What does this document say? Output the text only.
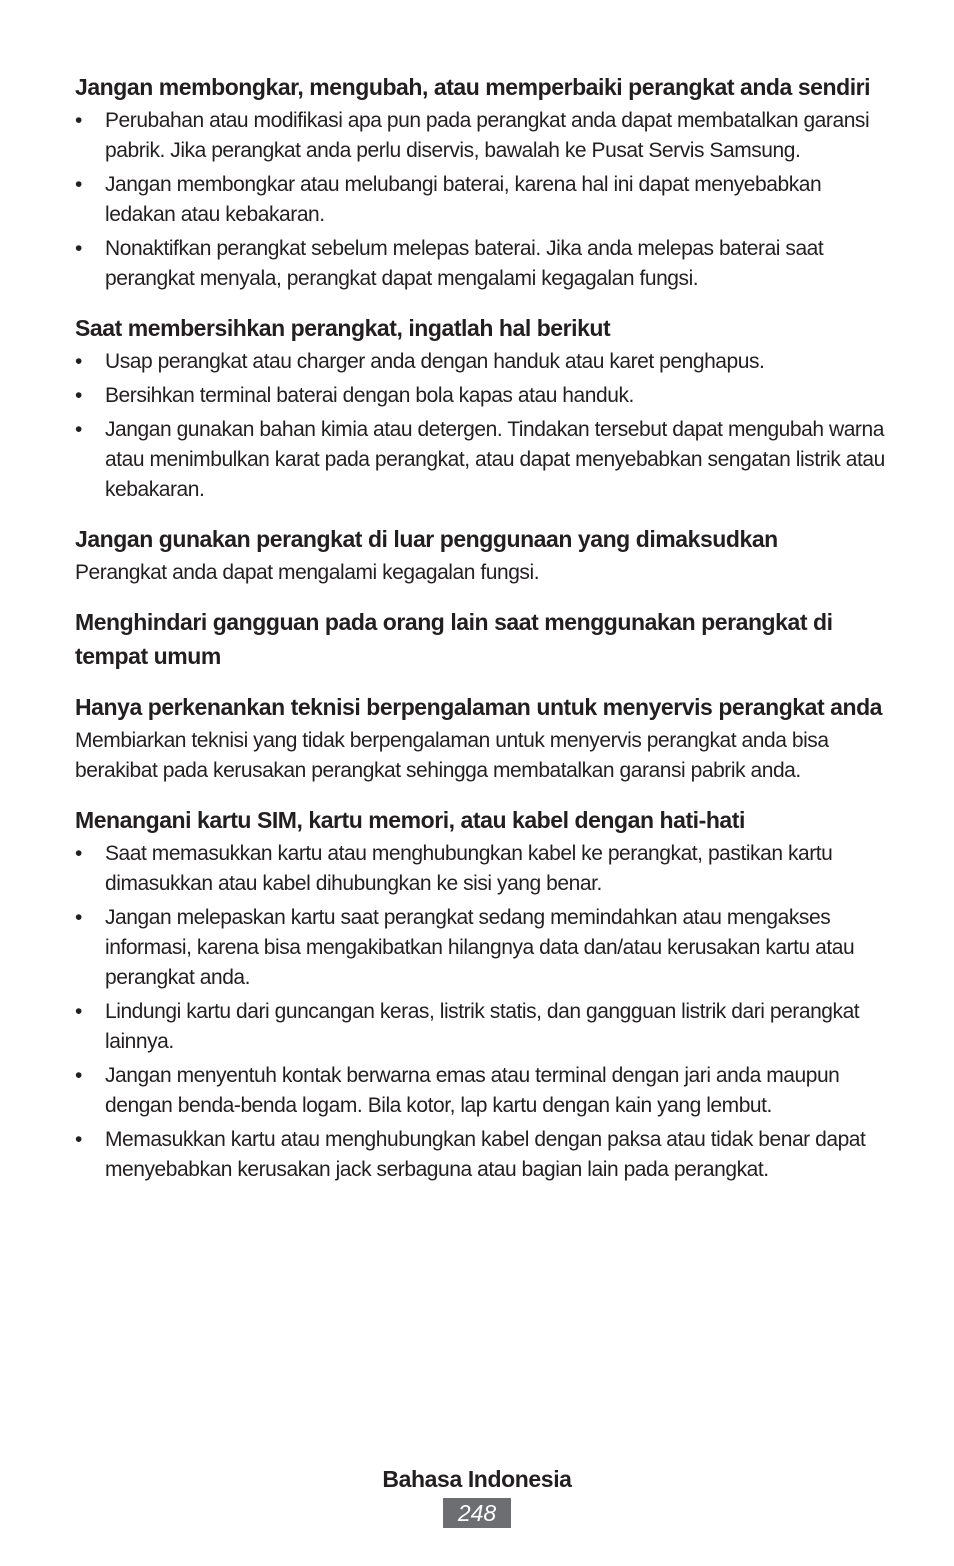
Jangan membongkar, mengubah, atau memperbaiki perangkat anda sendiri
•	Perubahan atau modifikasi apa pun pada perangkat anda dapat membatalkan garansi pabrik. Jika perangkat anda perlu diservis, bawalah ke Pusat Servis Samsung.
•	Jangan membongkar atau melubangi baterai, karena hal ini dapat menyebabkan ledakan atau kebakaran.
•	Nonaktifkan perangkat sebelum melepas baterai. Jika anda melepas baterai saat perangkat menyala, perangkat dapat mengalami kegagalan fungsi.
Saat membersihkan perangkat, ingatlah hal berikut
•	Usap perangkat atau charger anda dengan handuk atau karet penghapus.
•	Bersihkan terminal baterai dengan bola kapas atau handuk.
•	Jangan gunakan bahan kimia atau detergen. Tindakan tersebut dapat mengubah warna atau menimbulkan karat pada perangkat, atau dapat menyebabkan sengatan listrik atau kebakaran.
Jangan gunakan perangkat di luar penggunaan yang dimaksudkan

Perangkat anda dapat mengalami kegagalan fungsi.

Menghindari gangguan pada orang lain saat menggunakan perangkat di tempat umum
Hanya perkenankan teknisi berpengalaman untuk menyervis perangkat anda

Membiarkan teknisi yang tidak berpengalaman untuk menyervis perangkat anda bisa berakibat pada kerusakan perangkat sehingga membatalkan garansi pabrik anda.

Menangani kartu SIM, kartu memori, atau kabel dengan hati-hati
•	Saat memasukkan kartu atau menghubungkan kabel ke perangkat, pastikan kartu dimasukkan atau kabel dihubungkan ke sisi yang benar.
•	Jangan melepaskan kartu saat perangkat sedang memindahkan atau mengakses informasi, karena bisa mengakibatkan hilangnya data dan/atau kerusakan kartu atau perangkat anda.
•	Lindungi kartu dari guncangan keras, listrik statis, dan gangguan listrik dari perangkat lainnya.
•	Jangan menyentuh kontak berwarna emas atau terminal dengan jari anda maupun dengan benda-benda logam. Bila kotor, lap kartu dengan kain yang lembut.
•	Memasukkan kartu atau menghubungkan kabel dengan paksa atau tidak benar dapat menyebabkan kerusakan jack serbaguna atau bagian lain pada perangkat.
Bahasa Indonesia
248
